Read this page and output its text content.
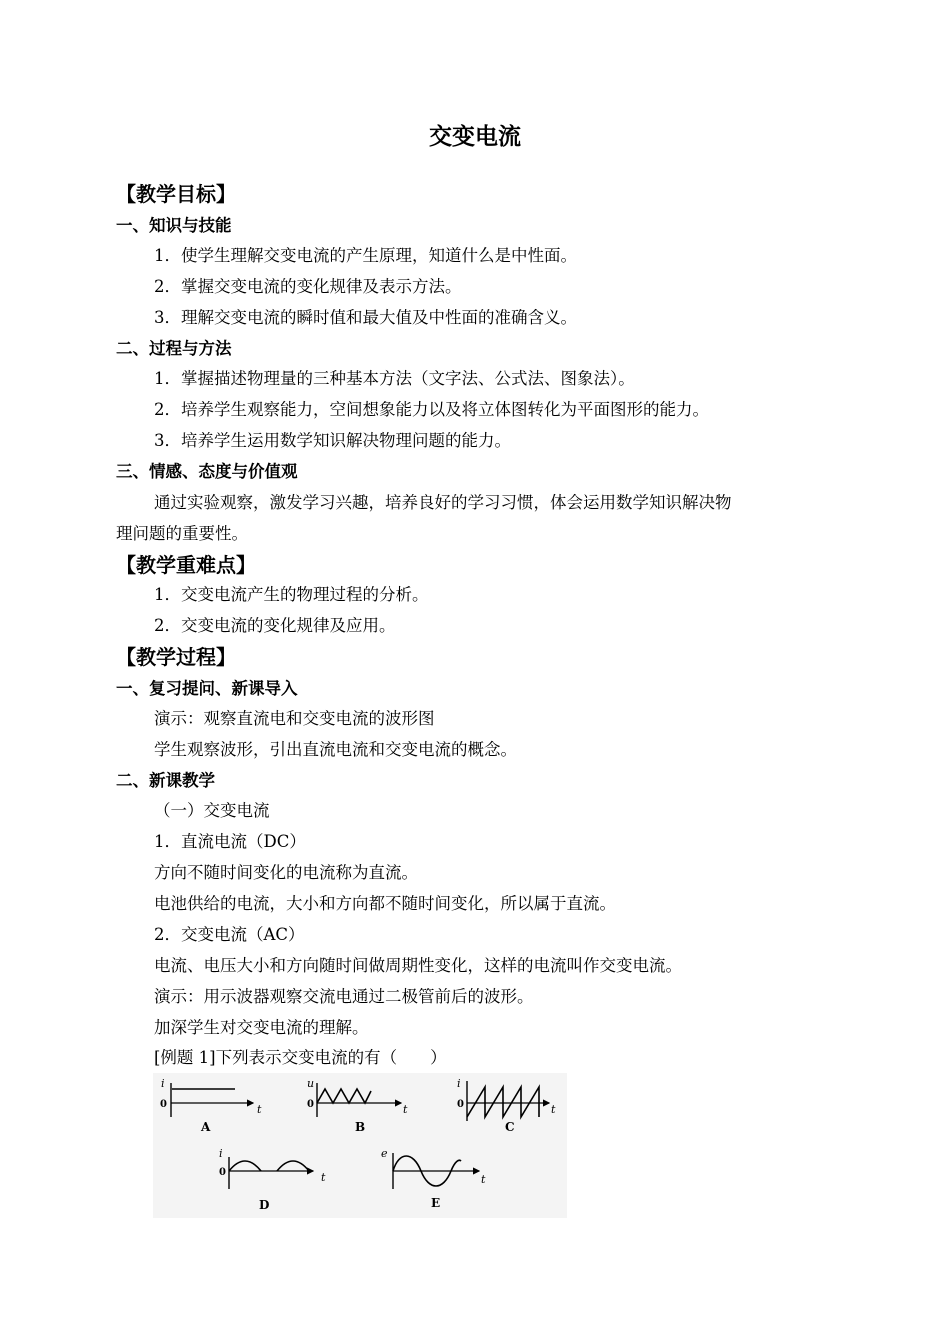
交变电流
【教学目标】
一、知识与技能
1．使学生理解交变电流的产生原理，知道什么是中性面。
2．掌握交变电流的变化规律及表示方法。
3．理解交变电流的瞬时值和最大值及中性面的准确含义。
二、过程与方法
1．掌握描述物理量的三种基本方法（文字法、公式法、图象法）。
2．培养学生观察能力，空间想象能力以及将立体图转化为平面图形的能力。
3．培养学生运用数学知识解决物理问题的能力。
三、情感、态度与价值观
通过实验观察，激发学习兴趣，培养良好的学习习惯，体会运用数学知识解决物
理问题的重要性。
【教学重难点】
1．交变电流产生的物理过程的分析。
2．交变电流的变化规律及应用。
【教学过程】
一、复习提问、新课导入
演示：观察直流电和交变电流的波形图
学生观察波形，引出直流电流和交变电流的概念。
二、新课教学
（一）交变电流
1．直流电流（DC）
方向不随时间变化的电流称为直流。
电池供给的电流，大小和方向都不随时间变化，所以属于直流。
2．交变电流（AC）
电流、电压大小和方向随时间做周期性变化，这样的电流叫作交变电流。
演示：用示波器观察交流电通过二极管前后的波形。
加深学生对交变电流的理解。
[例题 1]下列表示交变电流的有（　　）
i
0	t
A
u
0	t
B
i
0	t
C
i
0	t
D
e
t
E
